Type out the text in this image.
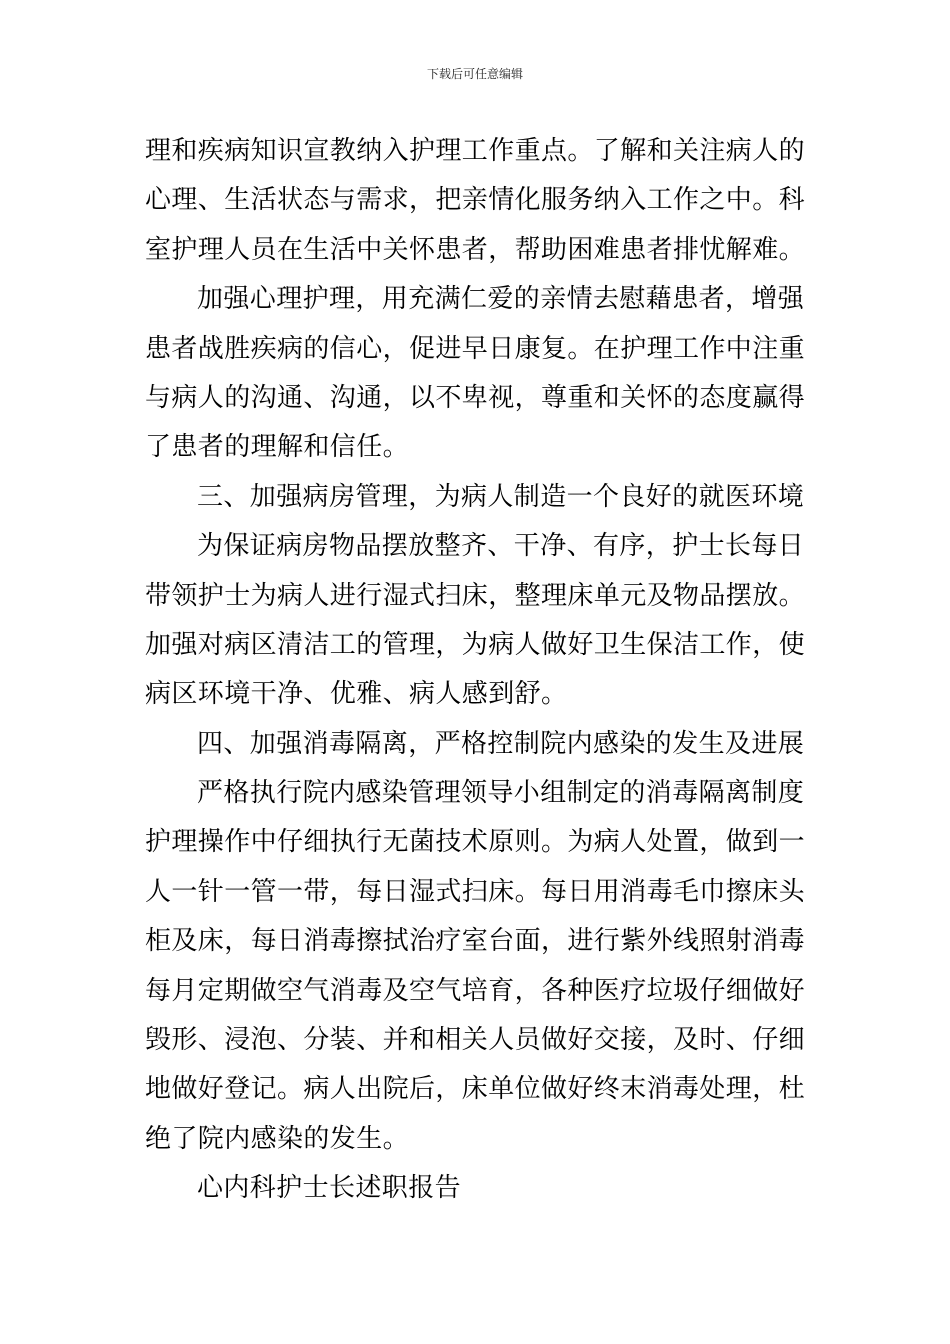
下载后可任意编辑
理和疾病知识宣教纳入护理工作重点。了解和关注病人的
心理、生活状态与需求，把亲情化服务纳入工作之中。科
室护理人员在生活中关怀患者，帮助困难患者排忧解难。
加强心理护理，用充满仁爱的亲情去慰藉患者，增强
患者战胜疾病的信心，促进早日康复。在护理工作中注重
与病人的沟通、沟通，以不卑视，尊重和关怀的态度赢得
了患者的理解和信任。
三、加强病房管理，为病人制造一个良好的就医环境
为保证病房物品摆放整齐、干净、有序，护士长每日
带领护士为病人进行湿式扫床，整理床单元及物品摆放。
加强对病区清洁工的管理，为病人做好卫生保洁工作，使
病区环境干净、优雅、病人感到舒。
四、加强消毒隔离，严格控制院内感染的发生及进展
严格执行院内感染管理领导小组制定的消毒隔离制度
护理操作中仔细执行无菌技术原则。为病人处置，做到一
人一针一管一带，每日湿式扫床。每日用消毒毛巾擦床头
柜及床，每日消毒擦拭治疗室台面，进行紫外线照射消毒
每月定期做空气消毒及空气培育，各种医疗垃圾仔细做好
毁形、浸泡、分装、并和相关人员做好交接，及时、仔细
地做好登记。病人出院后，床单位做好终末消毒处理，杜
绝了院内感染的发生。
心内科护士长述职报告
